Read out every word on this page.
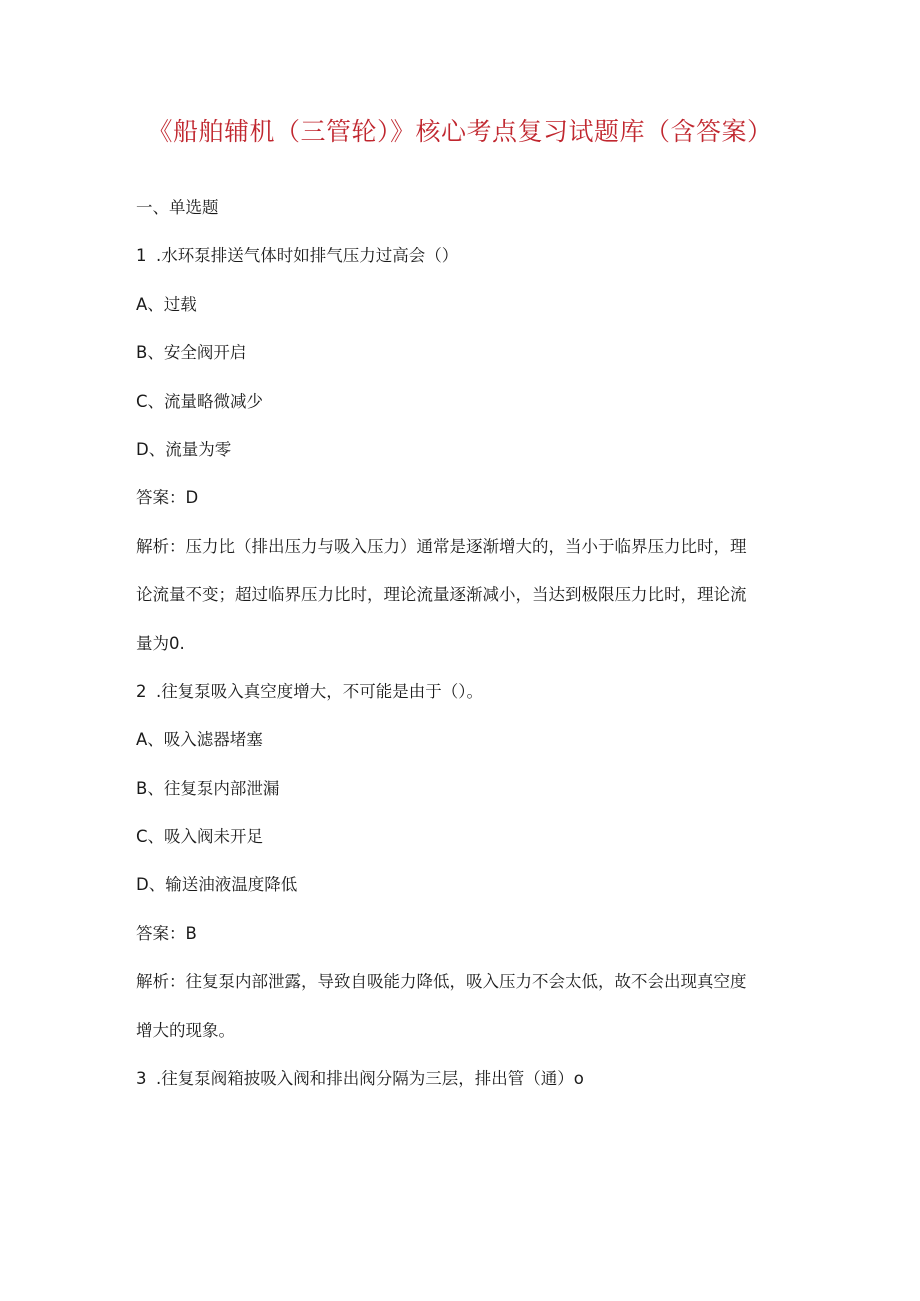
《船舶辅机（三管轮）》核心考点复习试题库（含答案）
一、单选题
1 .水环泵排送气体时如排气压力过高会（）
A、过载
B、安全阀开启
C、流量略微减少
D、流量为零
答案：D
解析：压力比（排出压力与吸入压力）通常是逐渐增大的，当小于临界压力比时，理
论流量不变；超过临界压力比时，理论流量逐渐减小，当达到极限压力比时，理论流
量为0.
2 .往复泵吸入真空度增大，不可能是由于（）。
A、吸入滤器堵塞
B、往复泵内部泄漏
C、吸入阀未开足
D、输送油液温度降低
答案：B
解析：往复泵内部泄露，导致自吸能力降低，吸入压力不会太低，故不会出现真空度
增大的现象。
3 .往复泵阀箱披吸入阀和排出阀分隔为三层，排出管（通）o
